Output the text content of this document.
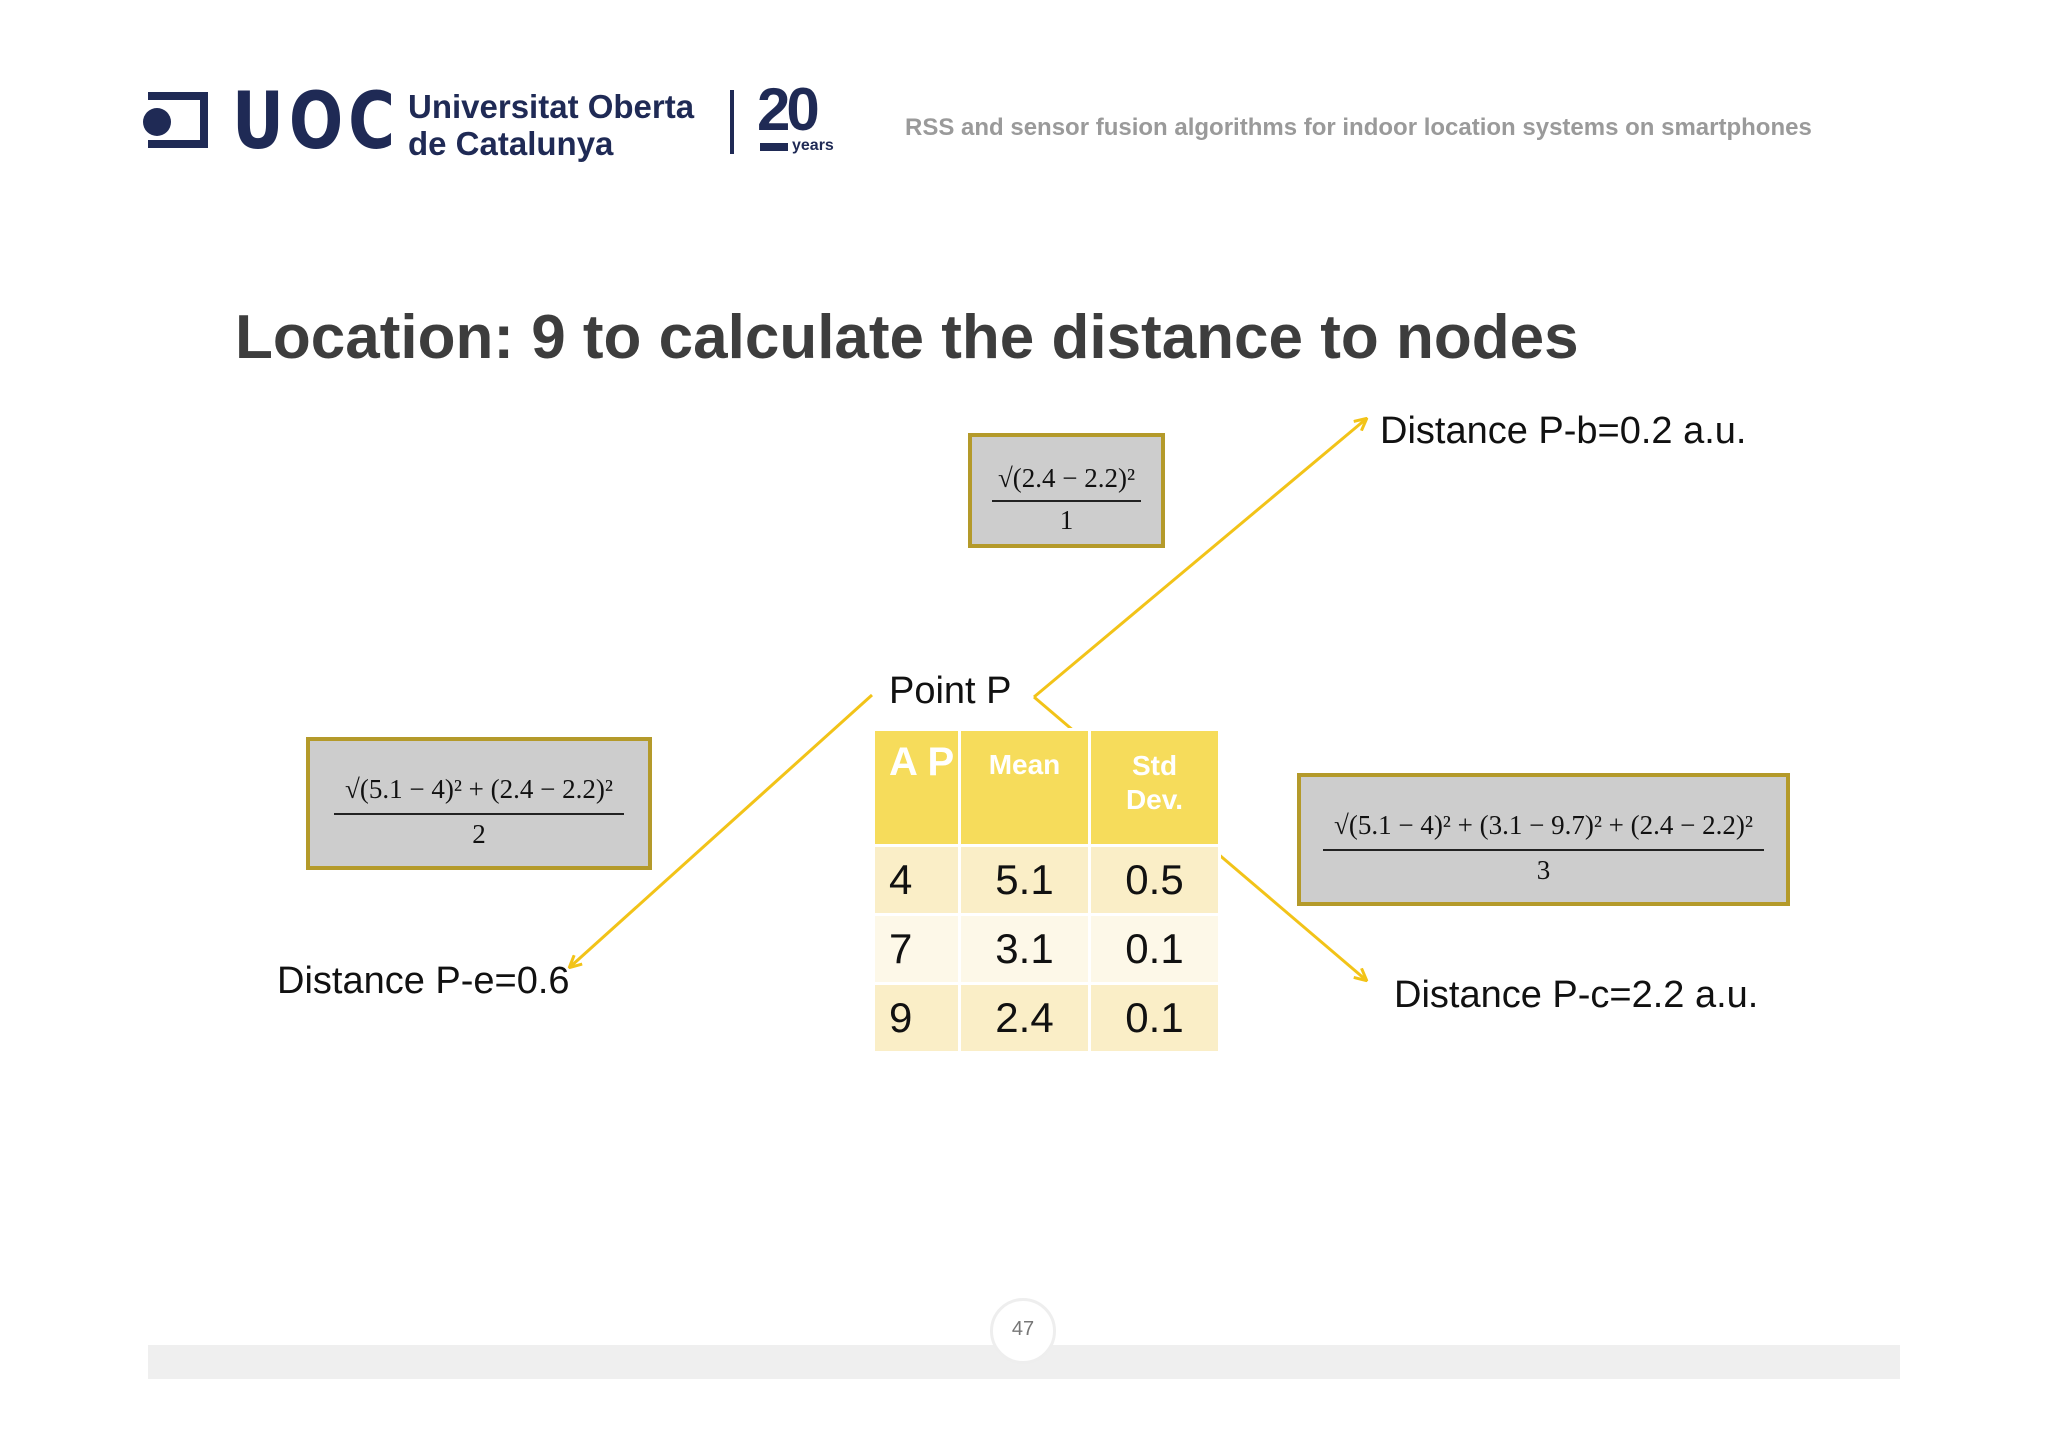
UOC Universitat Oberta
de Catalunya
20
years
RSS and sensor fusion algorithms for indoor location systems on smartphones
Location: 9 to calculate the distance to nodes
√(2.4 − 2.2)²
1
√(5.1 − 4)² + (2.4 − 2.2)²
2	√(5.1 − 4)² + (3.1 − 9.7)² + (2.4 − 2.2)²
3
Distance P-b=0.2 a.u.
Point P
Distance P-e=0.6	Distance P-c=2.2 a.u.
A P	Mean	Std Dev.
4	5.1	0.5
7	3.1	0.1
9	2.4	0.1
47
